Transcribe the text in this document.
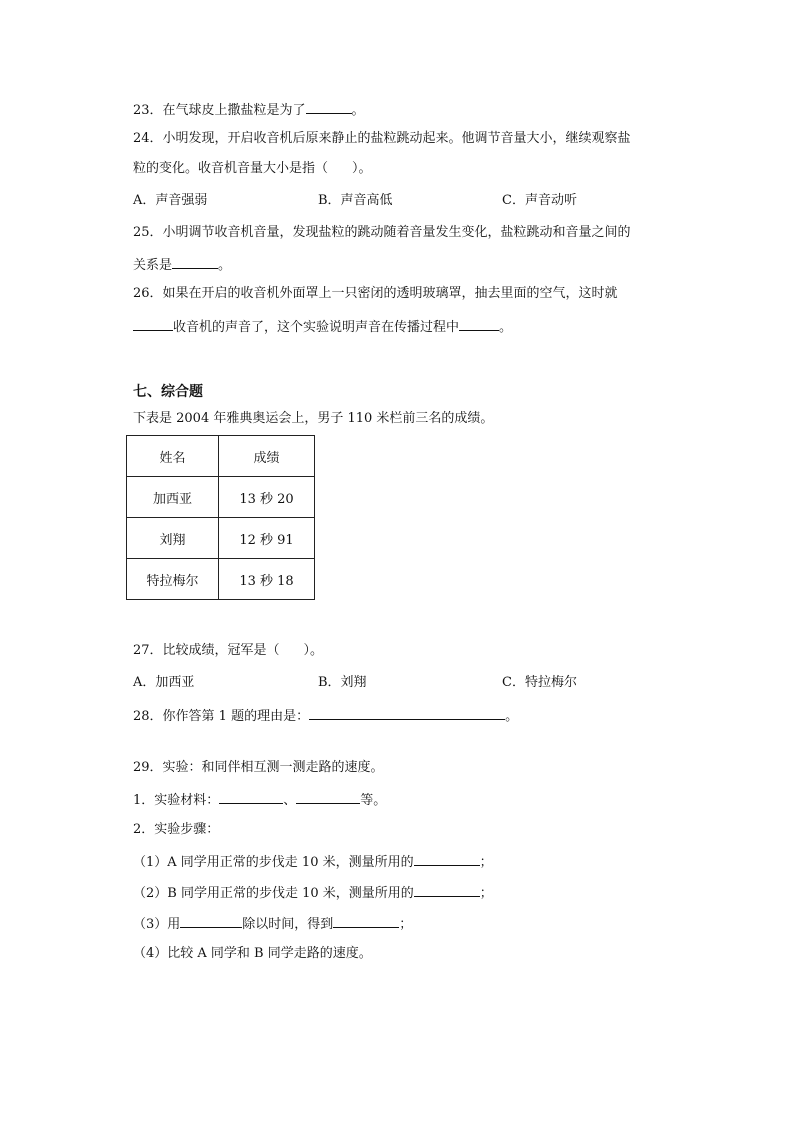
23．在气球皮上撒盐粒是为了	。
24．小明发现，开启收音机后原来静止的盐粒跳动起来。他调节音量大小，继续观察盐
粒的变化。收音机音量大小是指（ ）。
A．声音强弱	B．声音高低	C．声音动听
25．小明调节收音机音量，发现盐粒的跳动随着音量发生变化，盐粒跳动和音量之间的
关系是	。
26．如果在开启的收音机外面罩上一只密闭的透明玻璃罩，抽去里面的空气，这时就
收音机的声音了，这个实验说明声音在传播过程中	。
七、综合题
下表是 2004 年雅典奥运会上，男子 110 米栏前三名的成绩。
姓名	成绩
加西亚	13 秒 20
刘翔	12 秒 91
特拉梅尔	13 秒 18
27．比较成绩，冠军是（ ）。
A．加西亚	B．刘翔	C．特拉梅尔
28．你作答第 1 题的理由是：	。
29．实验：和同伴相互测一测走路的速度。
1．实验材料：	、	等。
2．实验步骤：
（1）A 同学用正常的步伐走 10 米，测量所用的	；
（2）B 同学用正常的步伐走 10 米，测量所用的	；
（3）用	除以时间，得到	；
（4）比较 A 同学和 B 同学走路的速度。
